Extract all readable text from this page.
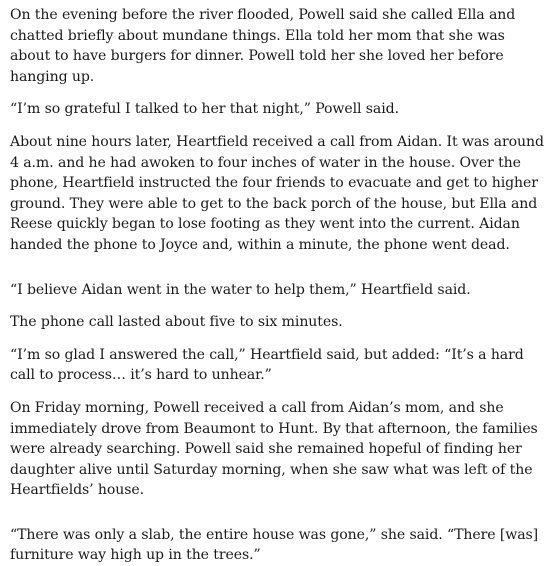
On the evening before the river flooded, Powell said she called Ella and chatted briefly about mundane things. Ella told her mom that she was about to have burgers for dinner. Powell told her she loved her before hanging up.

“I’m so grateful I talked to her that night,” Powell said.

About nine hours later, Heartfield received a call from Aidan. It was around 4 a.m. and he had awoken to four inches of water in the house. Over the phone, Heartfield instructed the four friends to evacuate and get to higher ground. They were able to get to the back porch of the house, but Ella and Reese quickly began to lose footing as they went into the current. Aidan handed the phone to Joyce and, within a minute, the phone went dead.

“I believe Aidan went in the water to help them,” Heartfield said.

The phone call lasted about five to six minutes.

“I’m so glad I answered the call,” Heartfield said, but added: “It’s a hard call to process… it’s hard to unhear.”

On Friday morning, Powell received a call from Aidan’s mom, and she immediately drove from Beaumont to Hunt. By that afternoon, the families were already searching. Powell said she remained hopeful of finding her daughter alive until Saturday morning, when she saw what was left of the Heartfields’ house.

“There was only a slab, the entire house was gone,” she said. “There [was] furniture way high up in the trees.”
